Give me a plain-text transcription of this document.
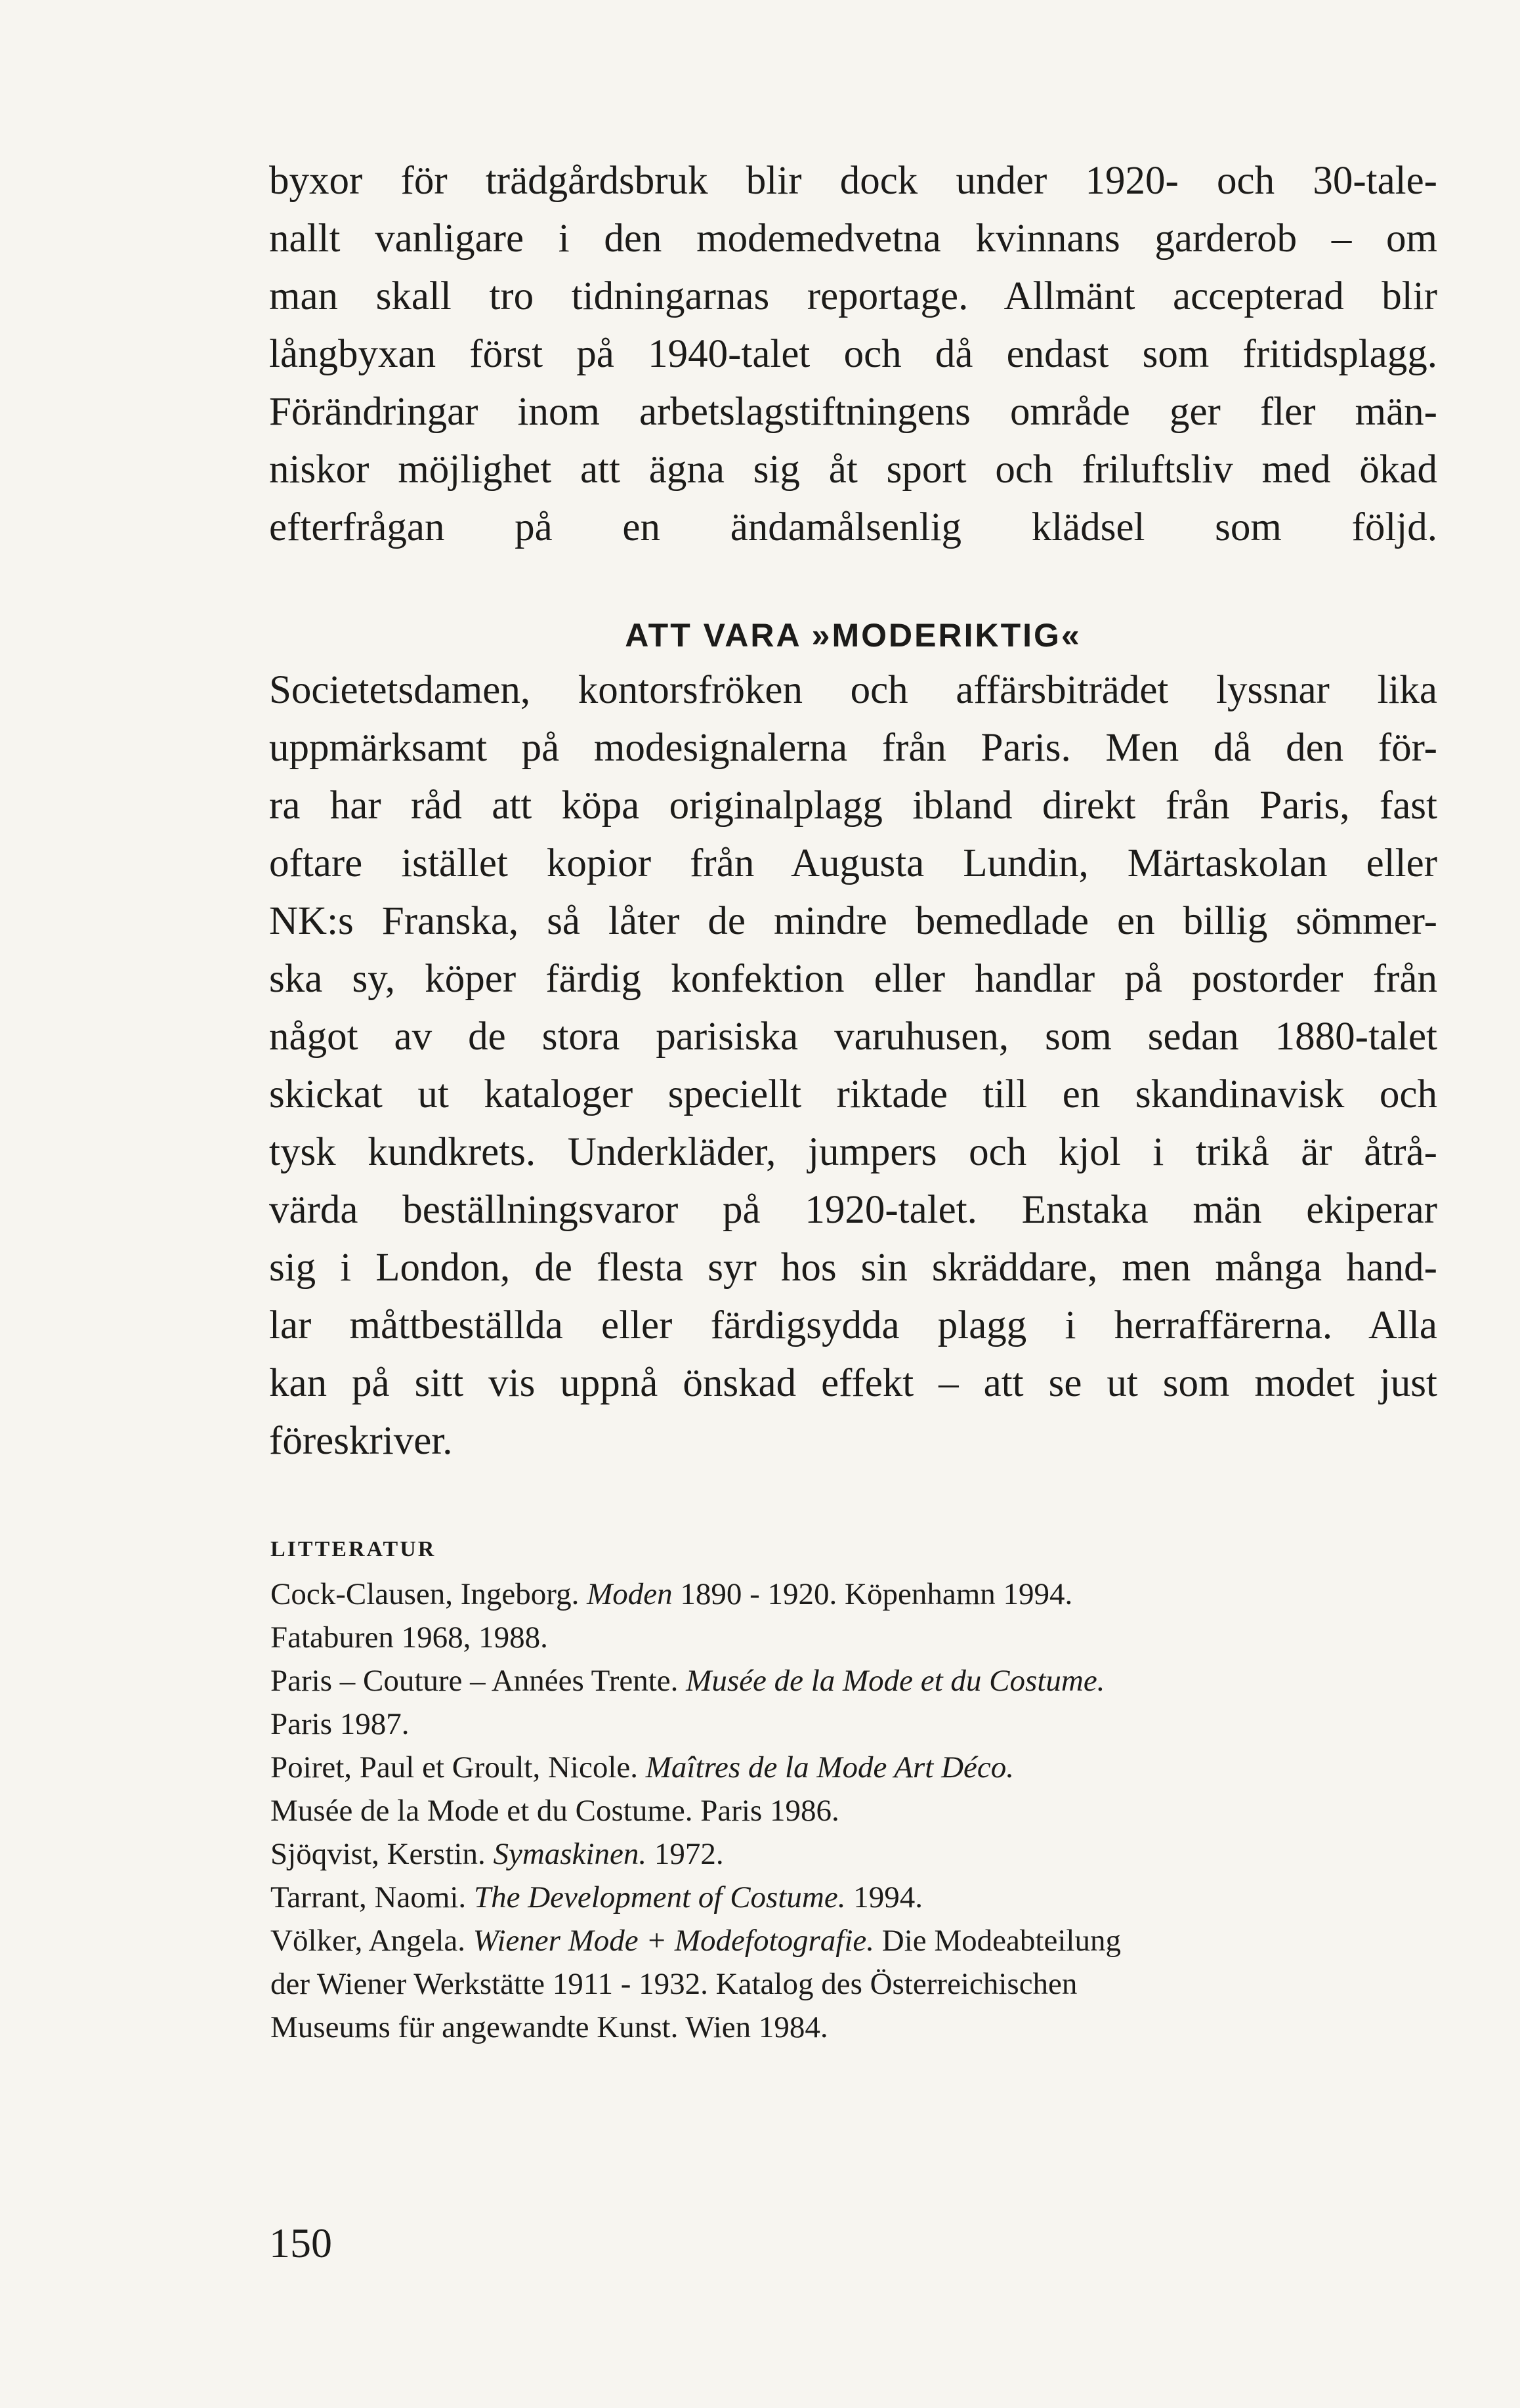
byxor för trädgårdsbruk blir dock under 1920- och 30-tale-
nallt vanligare i den modemedvetna kvinnans garderob – om
man skall tro tidningarnas reportage. Allmänt accepterad blir
långbyxan först på 1940-talet och då endast som fritidsplagg.
Förändringar inom arbetslagstiftningens område ger fler män-
niskor möjlighet att ägna sig åt sport och friluftsliv med ökad
efterfrågan på en ändamålsenlig klädsel som följd.

ATT VARA »MODERIKTIG«

Societetsdamen, kontorsfröken och affärsbiträdet lyssnar lika
uppmärksamt på modesignalerna från Paris. Men då den för-
ra har råd att köpa originalplagg ibland direkt från Paris, fast
oftare istället kopior från Augusta Lundin, Märtaskolan eller
NK:s Franska, så låter de mindre bemedlade en billig sömmer-
ska sy, köper färdig konfektion eller handlar på postorder från
något av de stora parisiska varuhusen, som sedan 1880-talet
skickat ut kataloger speciellt riktade till en skandinavisk och
tysk kundkrets. Underkläder, jumpers och kjol i trikå är åtrå-
värda beställningsvaror på 1920-talet. Enstaka män ekiperar
sig i London, de flesta syr hos sin skräddare, men många hand-
lar måttbeställda eller färdigsydda plagg i herraffärerna. Alla
kan på sitt vis uppnå önskad effekt – att se ut som modet just
föreskriver.

LITTERATUR
Cock-Clausen, Ingeborg. Moden 1890 - 1920. Köpenhamn 1994.
Fataburen 1968, 1988.
Paris – Couture – Années Trente. Musée de la Mode et du Costume.
Paris 1987.
Poiret, Paul et Groult, Nicole. Maîtres de la Mode Art Déco.
Musée de la Mode et du Costume. Paris 1986.
Sjöqvist, Kerstin. Symaskinen. 1972.
Tarrant, Naomi. The Development of Costume. 1994.
Völker, Angela. Wiener Mode + Modefotografie. Die Modeabteilung
der Wiener Werkstätte 1911 - 1932. Katalog des Österreichischen
Museums für angewandte Kunst. Wien 1984.

150
